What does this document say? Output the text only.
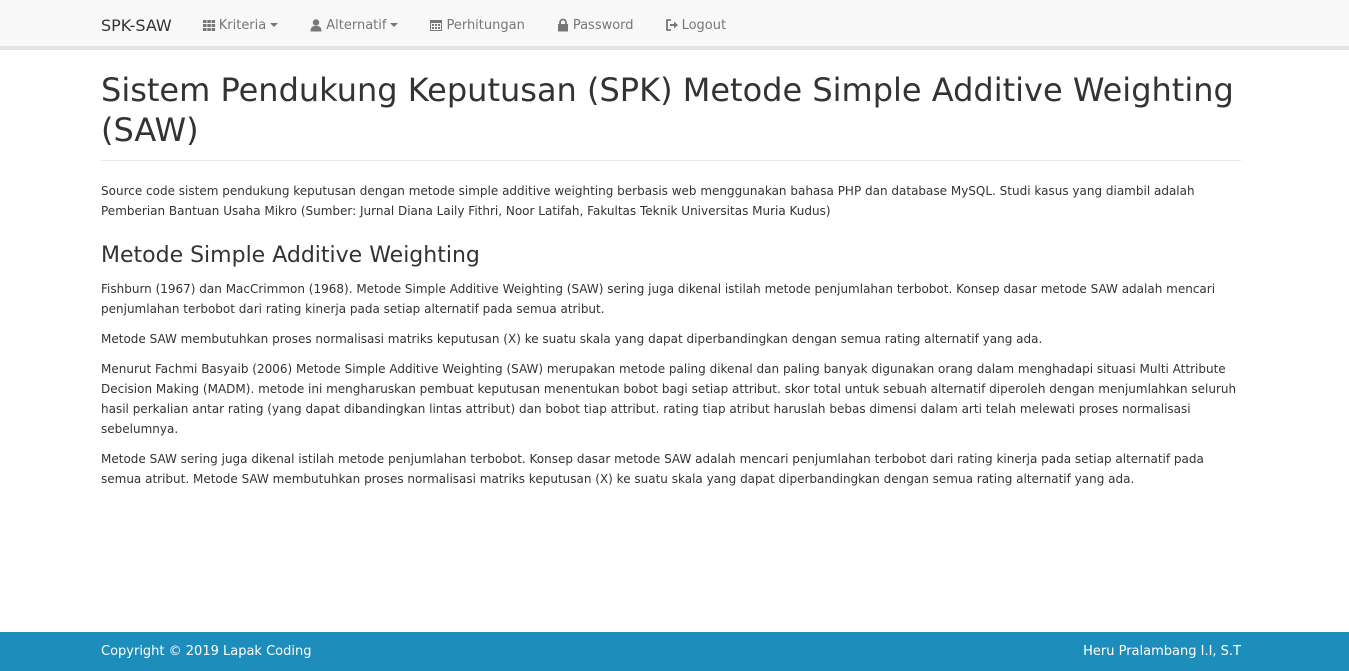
SPK-SAW	Kriteria	Alternatif	Perhitungan	Password	Logout
Sistem Pendukung Keputusan (SPK) Metode Simple Additive Weighting (SAW)

Source code sistem pendukung keputusan dengan metode simple additive weighting berbasis web menggunakan bahasa PHP dan database MySQL. Studi kasus yang diambil adalah Pemberian Bantuan Usaha Mikro (Sumber: Jurnal Diana Laily Fithri, Noor Latifah, Fakultas Teknik Universitas Muria Kudus)

Metode Simple Additive Weighting

Fishburn (1967) dan MacCrimmon (1968). Metode Simple Additive Weighting (SAW) sering juga dikenal istilah metode penjumlahan terbobot. Konsep dasar metode SAW adalah mencari penjumlahan terbobot dari rating kinerja pada setiap alternatif pada semua atribut.

Metode SAW membutuhkan proses normalisasi matriks keputusan (X) ke suatu skala yang dapat diperbandingkan dengan semua rating alternatif yang ada.

Menurut Fachmi Basyaib (2006) Metode Simple Additive Weighting (SAW) merupakan metode paling dikenal dan paling banyak digunakan orang dalam menghadapi situasi Multi Attribute Decision Making (MADM). metode ini mengharuskan pembuat keputusan menentukan bobot bagi setiap attribut. skor total untuk sebuah alternatif diperoleh dengan menjumlahkan seluruh hasil perkalian antar rating (yang dapat dibandingkan lintas attribut) dan bobot tiap attribut. rating tiap atribut haruslah bebas dimensi dalam arti telah melewati proses normalisasi sebelumnya.

Metode SAW sering juga dikenal istilah metode penjumlahan terbobot. Konsep dasar metode SAW adalah mencari penjumlahan terbobot dari rating kinerja pada setiap alternatif pada semua atribut. Metode SAW membutuhkan proses normalisasi matriks keputusan (X) ke suatu skala yang dapat diperbandingkan dengan semua rating alternatif yang ada.

Copyright © 2019 Lapak Coding	Heru Pralambang I.I, S.T
